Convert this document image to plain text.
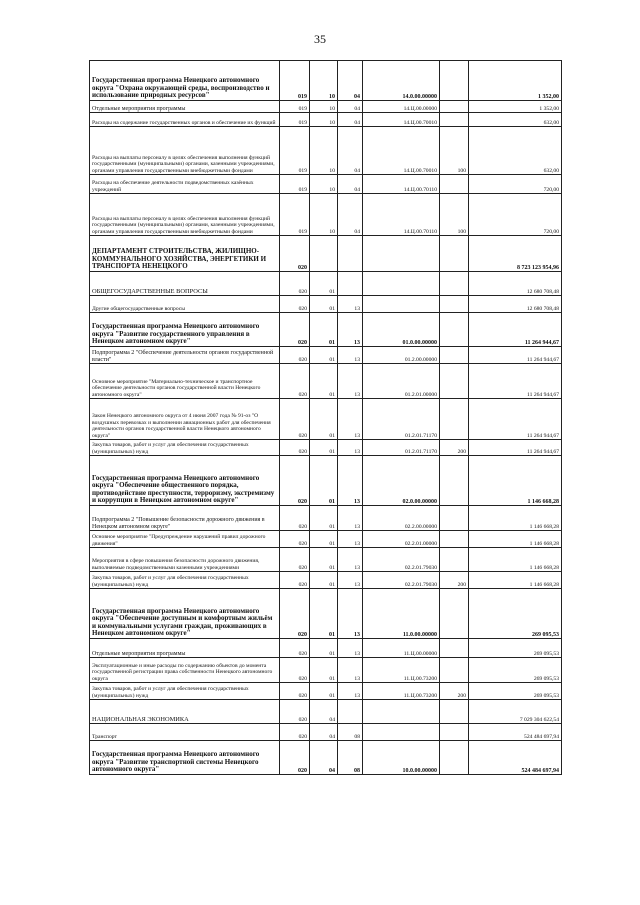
35
Государственная программа Ненецкого автономного округа "Охрана окружающей среды, воспроизводство и использование природных ресурсов"	019	10	04	14.0.00.00000		1 352,00
Отдельные мероприятия программы	019	10	04	14.Ц.00.00000		1 352,00
Расходы на содержание государственных органов и обеспечение их функций	019	10	04	14.Ц.00.70010		632,00
Расходы на выплаты персоналу в целях обеспечения выполнения функций государственными (муниципальными) органами, казенными учреждениями, органами управления государственными внебюджетными фондами	019	10	04	14.Ц.00.70010	100	632,00
Расходы на обеспечение деятельности подведомственных казённых учреждений	019	10	04	14.Ц.00.70110		720,00
Расходы на выплаты персоналу в целях обеспечения выполнения функций государственными (муниципальными) органами, казенными учреждениями, органами управления государственными внебюджетными фондами	019	10	04	14.Ц.00.70110	100	720,00
ДЕПАРТАМЕНТ СТРОИТЕЛЬСТВА, ЖИЛИЩНО-КОММУНАЛЬНОГО ХОЗЯЙСТВА, ЭНЕРГЕТИКИ И ТРАНСПОРТА НЕНЕЦКОГО	020					8 723 123 954,96
ОБЩЕГОСУДАРСТВЕННЫЕ ВОПРОСЫ	020	01				12 680 708,48
Другие общегосударственные вопросы	020	01	13			12 680 708,48
Государственная программа Ненецкого автономного округа "Развитие государственного управления в Ненецком автономном округе"	020	01	13	01.0.00.00000		11 264 944,67
Подпрограмма 2 "Обеспечение деятельности органов государственной власти"	020	01	13	01.2.00.00000		11 264 944,67
Основное мероприятие "Материально-техническое и транспортное обеспечение деятельности органов государственной власти Ненецкого автономного округа"	020	01	13	01.2.01.00000		11 264 944,67
Закон Ненецкого автономного округа от 4 июня 2007 года № 91-оз "О воздушных перевозках и выполнении авиационных работ для обеспечения деятельности органов государственной власти Ненецкого автономного округа"	020	01	13	01.2.01.71170		11 264 944,67
Закупка товаров, работ и услуг для обеспечения государственных (муниципальных) нужд	020	01	13	01.2.01.71170	200	11 264 944,67
Государственная программа Ненецкого автономного округа "Обеспечение общественного порядка, противодействие преступности, терроризму, экстремизму и коррупции в Ненецком автономном округе"	020	01	13	02.0.00.00000		1 146 668,28
Подпрограмма 2 "Повышение безопасности дорожного движения в Ненецком автономном округе"	020	01	13	02.2.00.00000		1 146 668,28
Основное мероприятие "Предупреждение нарушений правил дорожного движения"	020	01	13	02.2.01.00000		1 146 668,28
Мероприятия в сфере повышения безопасности дорожного движения, выполняемые подведомственными казенными учреждениями	020	01	13	02.2.01.79030		1 146 668,28
Закупка товаров, работ и услуг для обеспечения государственных (муниципальных) нужд	020	01	13	02.2.01.79030	200	1 146 668,28
Государственная программа Ненецкого автономного округа "Обеспечение доступным и комфортным жильём и коммунальными услугами граждан, проживающих в Ненецком автономном округе"	020	01	13	11.0.00.00000		269 095,53
Отдельные мероприятия программы	020	01	13	11.Ц.00.00000		269 095,53
Эксплуатационные и иные расходы по содержанию объектов до момента государственной регистрации права собственности Ненецкого автономного округа	020	01	13	11.Ц.00.73200		269 095,53
Закупка товаров, работ и услуг для обеспечения государственных (муниципальных) нужд	020	01	13	11.Ц.00.73200	200	269 095,53
НАЦИОНАЛЬНАЯ ЭКОНОМИКА	020	04				7 029 304 622,54
Транспорт	020	04	08			524 484 697,94
Государственная программа Ненецкого автономного округа "Развитие транспортной системы Ненецкого автономного округа"	020	04	08	10.0.00.00000		524 484 697,94
